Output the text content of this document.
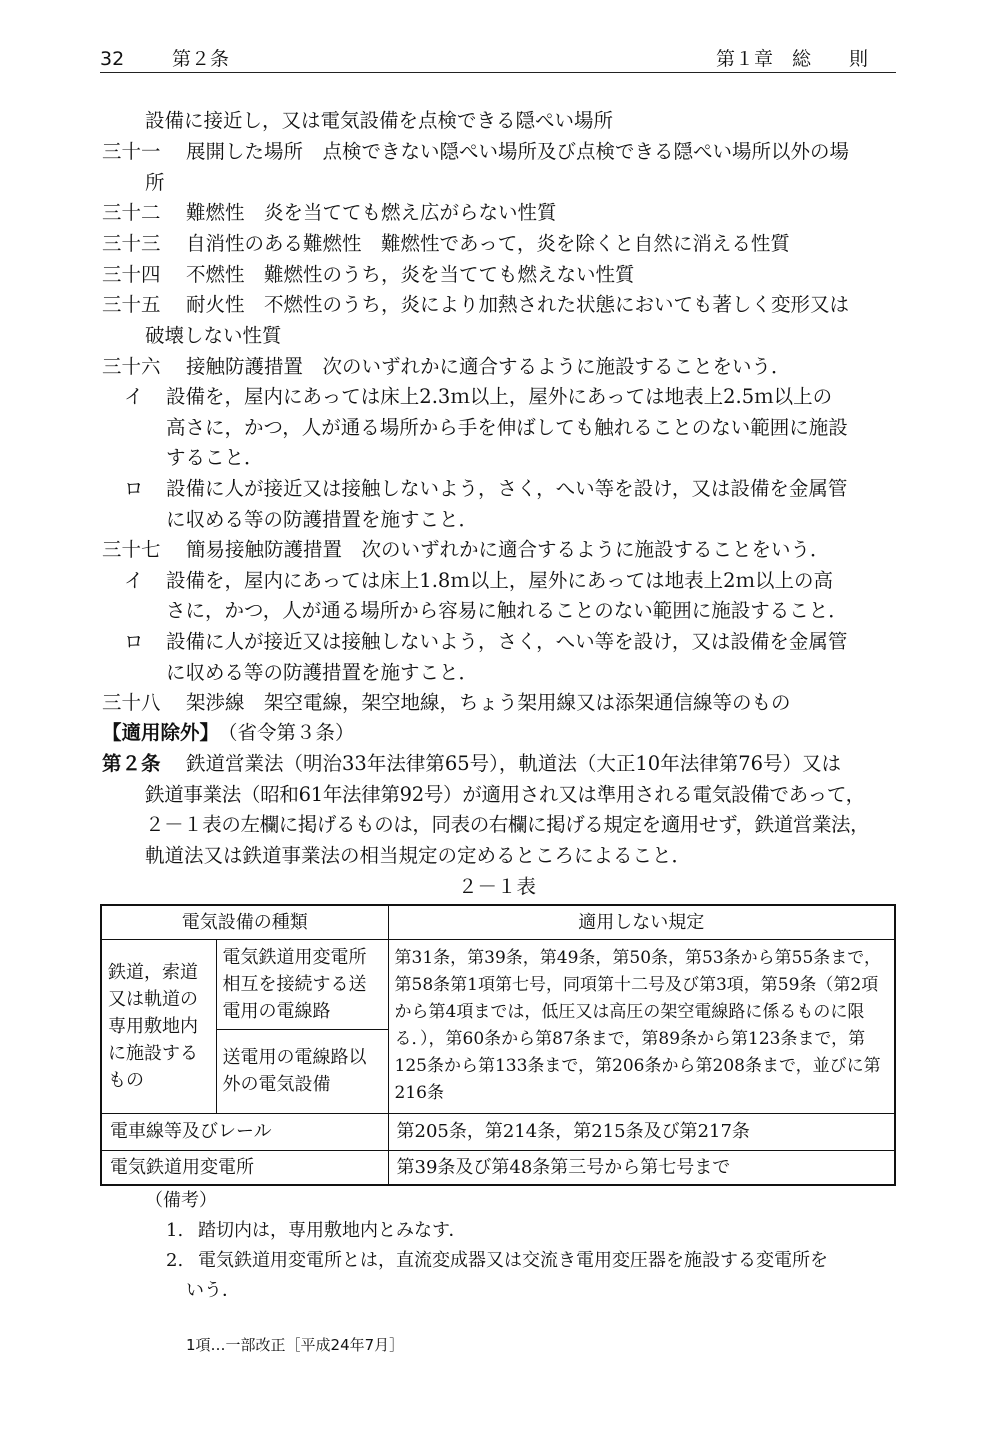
32	第２条	第１章 総　　則
設備に接近し，又は電気設備を点検できる隠ぺい場所
三十一 展開した場所　点検できない隠ぺい場所及び点検できる隠ぺい場所以外の場
所
三十二 難燃性　炎を当てても燃え広がらない性質
三十三 自消性のある難燃性　難燃性であって，炎を除くと自然に消える性質
三十四 不燃性　難燃性のうち，炎を当てても燃えない性質
三十五 耐火性　不燃性のうち，炎により加熱された状態においても著しく変形又は
破壊しない性質
三十六 接触防護措置　次のいずれかに適合するように施設することをいう．
イ 設備を，屋内にあっては床上2.3ｍ以上，屋外にあっては地表上2.5ｍ以上の
高さに，かつ，人が通る場所から手を伸ばしても触れることのない範囲に施設
すること．
ロ 設備に人が接近又は接触しないよう，さく，へい等を設け，又は設備を金属管
に収める等の防護措置を施すこと．
三十七 簡易接触防護措置　次のいずれかに適合するように施設することをいう．
イ 設備を，屋内にあっては床上1.8ｍ以上，屋外にあっては地表上2ｍ以上の高
さに，かつ，人が通る場所から容易に触れることのない範囲に施設すること．
ロ 設備に人が接近又は接触しないよう，さく，へい等を設け，又は設備を金属管
に収める等の防護措置を施すこと．
三十八 架渉線　架空電線，架空地線，ちょう架用線又は添架通信線等のもの
【適用除外】
（省令第３条）
第２条 鉄道営業法（明治33年法律第65号），軌道法（大正10年法律第76号）又は
鉄道事業法（昭和61年法律第92号）が適用され又は準用される電気設備であって，
２－１表の左欄に掲げるものは，同表の右欄に掲げる規定を適用せず，鉄道営業法，
軌道法又は鉄道事業法の相当規定の定めるところによること．
２－１表
電気設備の種類		適用しない規定
鉄道，索道又は軌道の専用敷地内に施設するもの	電気鉄道用変電所相互を接続する送電用の電線路	第31条，第39条，第49条，第50条，第53条から第55条まで，第58条第1項第七号，同項第十二号及び第3項，第59条（第2項から第4項までは，低圧又は高圧の架空電線路に係るものに限る．），第60条から第87条まで，第89条から第123条まで，第125条から第133条まで，第206条から第208条まで，並びに第216条
	送電用の電線路以外の電気設備	
電車線等及びレール		第205条，第214条，第215条及び第217条
電気鉄道用変電所		第39条及び第48条第三号から第七号まで
（備考）
1. 踏切内は，専用敷地内とみなす．
2. 電気鉄道用変電所とは，直流変成器又は交流き電用変圧器を施設する変電所を
いう．
1項…一部改正［平成24年7月］
